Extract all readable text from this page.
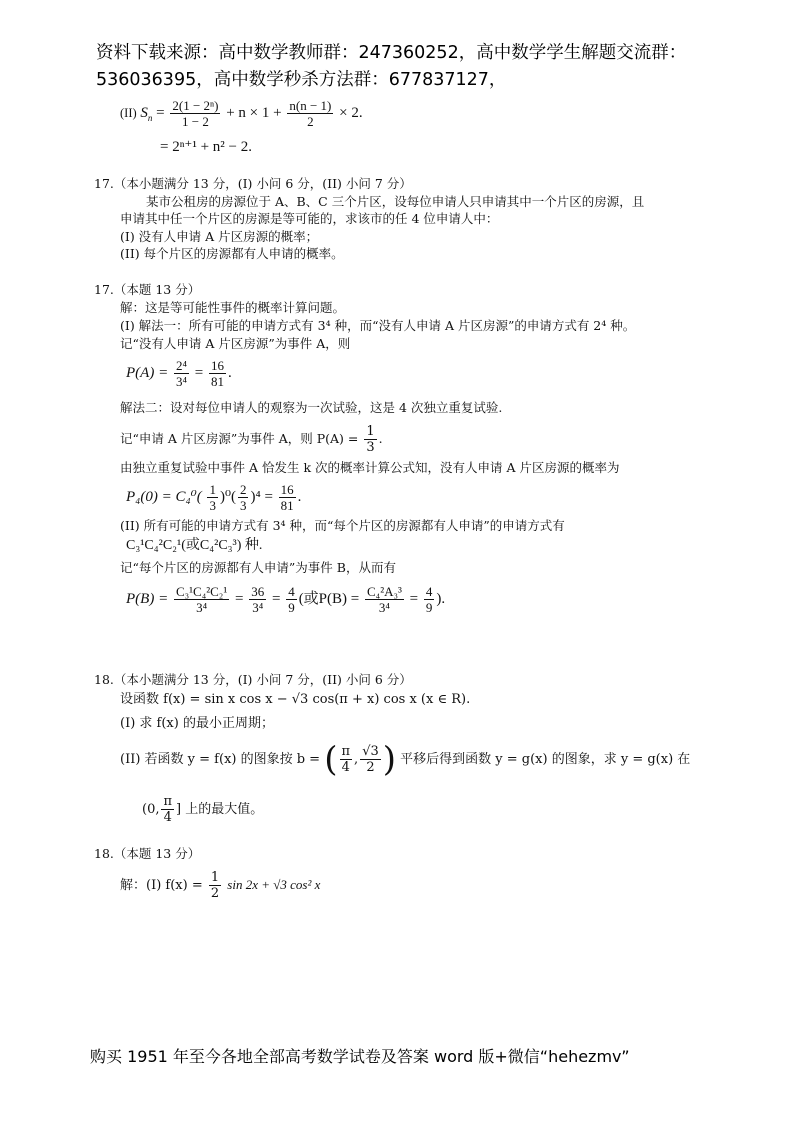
资料下载来源：高中数学教师群：247360252，高中数学学生解题交流群：
536036395，高中数学秒杀方法群：677837127，
(II) $S_n = \frac{\text{2(1 − 2ⁿ)}}{1 - 2} + n \times 1 + \frac{n(n - 1)}{2} \times 2$.
= 2ⁿ⁺¹ + n² − 2.
17.（本小题满分 13 分，(I) 小问 6 分，(II) 小问 7 分）
某市公租房的房源位于 A、B、C 三个片区，设每位申请人只申请其中一个片区的房源，且
申请其中任一个片区的房源是等可能的，求该市的任 4 位申请人中：
(I) 没有人申请 A 片区房源的概率；
(II) 每个片区的房源都有人申请的概率。
17.（本题 13 分）
解：这是等可能性事件的概率计算问题。
(I) 解法一：所有可能的申请方式有 3⁴ 种，而“没有人申请 A 片区房源”的申请方式有 2⁴ 种。
记“没有人申请 A 片区房源”为事件 A，则
$P(A) = \frac{\text{2⁴}}{\text{3⁴}} = \frac{16}{81}$ .
解法二：设对每位申请人的观察为一次试验，这是 4 次独立重复试验.
记“申请 A 片区房源”为事件 A，则 $P(A) = \frac{1}{3}$ .
由独立重复试验中事件 A 恰发生 k 次的概率计算公式知，没有人申请 A 片区房源的概率为
$P_4(0) = C_4^0( \frac{1}{3} )^0( \frac{2}{3} )^4 = \frac{16}{81}$ .
(II) 所有可能的申请方式有 3⁴ 种，而“每个片区的房源都有人申请”的申请方式有
C₃¹C₄²C₂¹(或C₄²C₃³) 种.
记“每个片区的房源都有人申请”为事件 B，从而有
$P(B) = \frac{\text{C₃¹C₄²C₂¹}}{\text{3⁴}} = \frac{36}{\text{3⁴}} = \frac{4}{9}$ (或$P(B) = \frac{\text{C₄²A₃³}}{\text{3⁴}} = \frac{4}{9}$ ).
18.（本小题满分 13 分，(I) 小问 7 分，(II) 小问 6 分）
设函数 f(x) = sin x cos x − √3 cos(π + x) cos x (x ∈ R).
(I) 求 f(x) 的最小正周期；
(II) 若函数 y = f(x) 的图象按 b = ( $\frac{\pi}{4}$ , $\frac{√3}{2}$ ) 平移后得到函数 y = g(x) 的图象，求 y = g(x) 在
(0, $\frac{\pi}{4}$ ] 上的最大值。
18.（本题 13 分）
解：(I) $f(x) = \frac{1}{2}$ sin 2x + √3 cos² x
购买 1951 年至今各地全部高考数学试卷及答案 word 版+微信“hehezmv”
